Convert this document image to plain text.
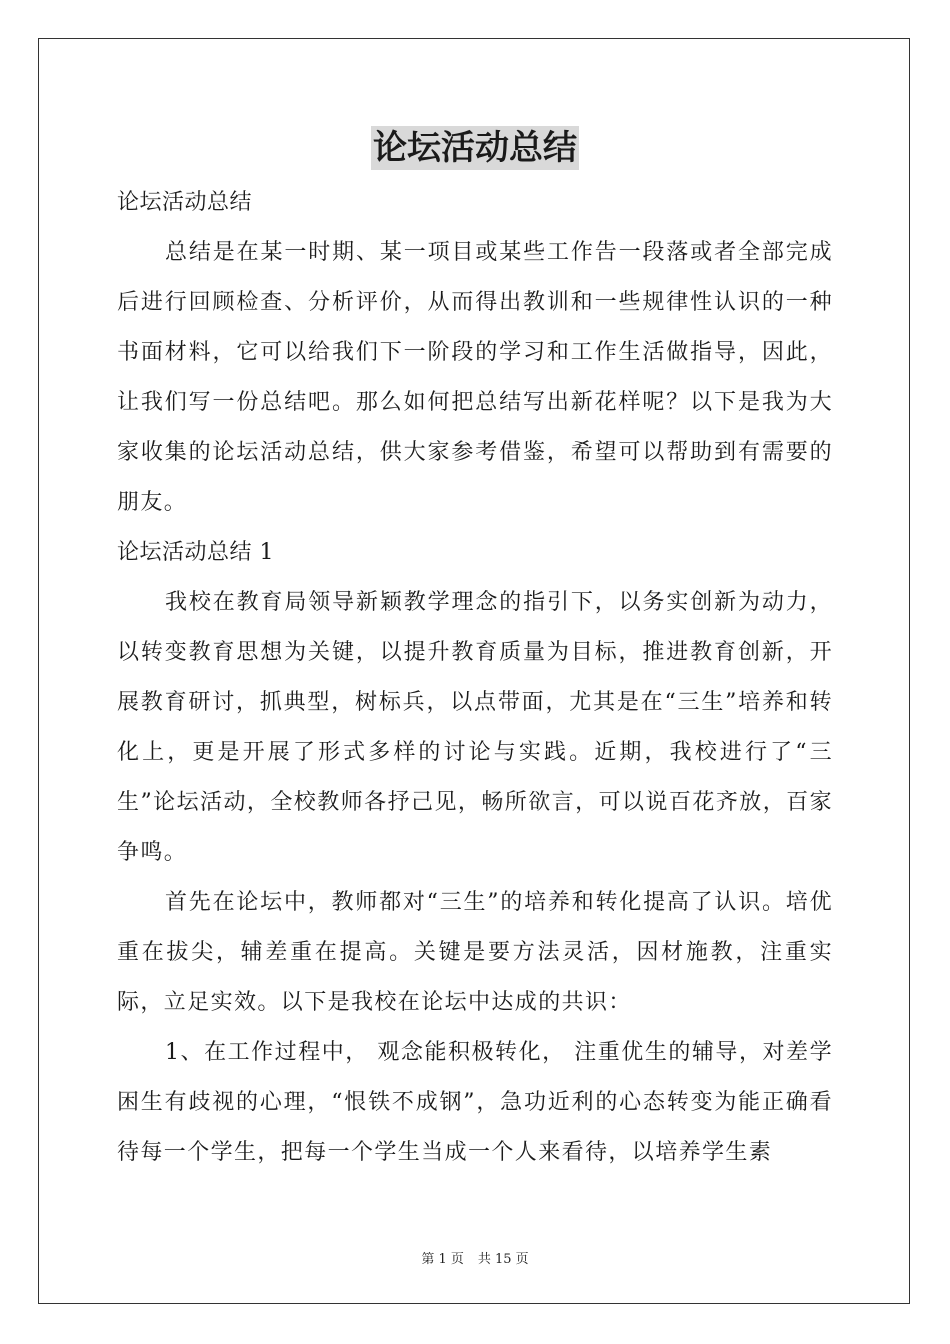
论坛活动总结

论坛活动总结

总结是在某一时期、某一项目或某些工作告一段落或者全部完成后进行回顾检查、分析评价，从而得出教训和一些规律性认识的一种书面材料，它可以给我们下一阶段的学习和工作生活做指导，因此，让我们写一份总结吧。那么如何把总结写出新花样呢？以下是我为大家收集的论坛活动总结，供大家参考借鉴，希望可以帮助到有需要的朋友。

论坛活动总结 1

我校在教育局领导新颖教学理念的指引下，以务实创新为动力，以转变教育思想为关键，以提升教育质量为目标，推进教育创新，开展教育研讨，抓典型，树标兵，以点带面，尤其是在“三生”培养和转化上，更是开展了形式多样的讨论与实践。近期，我校进行了“三生”论坛活动，全校教师各抒己见，畅所欲言，可以说百花齐放，百家争鸣。

首先在论坛中，教师都对“三生”的培养和转化提高了认识。培优重在拔尖，辅差重在提高。关键是要方法灵活，因材施教，注重实际，立足实效。以下是我校在论坛中达成的共识：

1、在工作过程中， 观念能积极转化， 注重优生的辅导，对差学困生有歧视的心理，“恨铁不成钢”，急功近利的心态转变为能正确看待每一个学生，把每一个学生当成一个人来看待，以培养学生素

第 1 页 共 15 页
